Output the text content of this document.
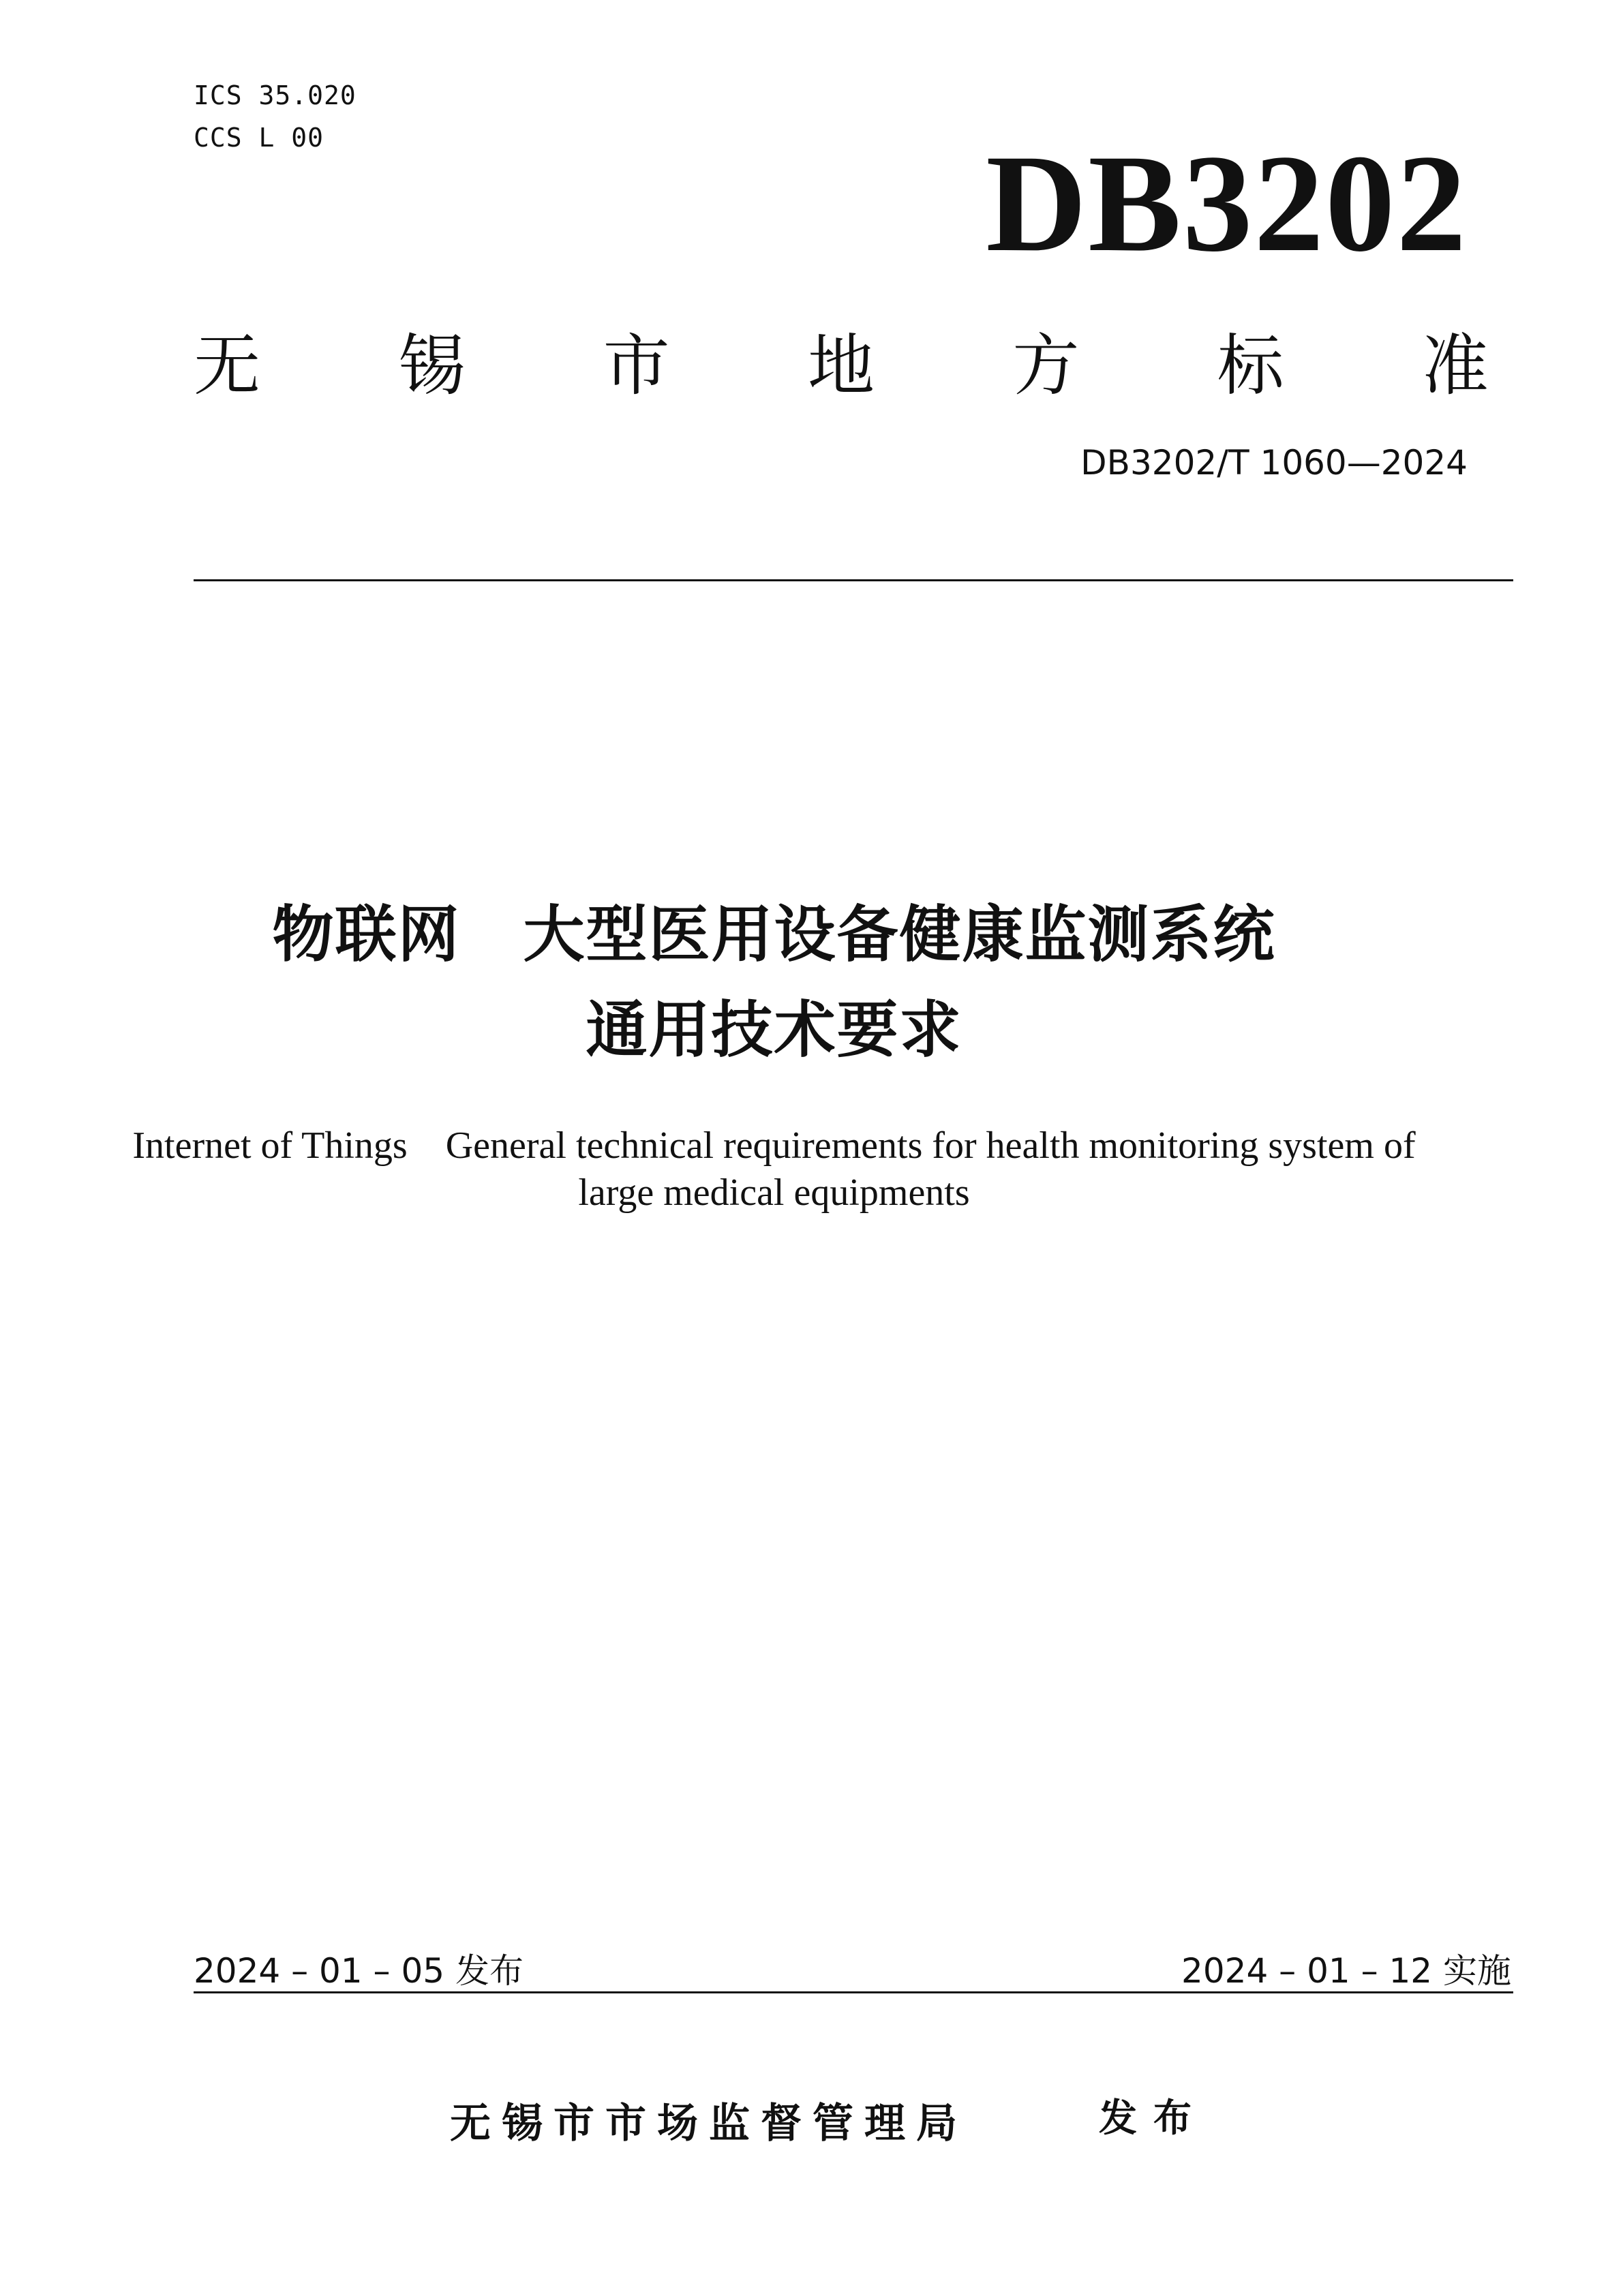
ICS 35.020
CCS L 00	DB3202
无 锡 市 地 方 标 准
DB3202/T 1060—2024
物联网　大型医用设备健康监测系统
通用技术要求
Internet of Things　General technical requirements for health monitoring system of
large medical equipments
2024 – 01 – 05 发布	2024 – 01 – 12 实施
无锡市市场监督管理局	发布
